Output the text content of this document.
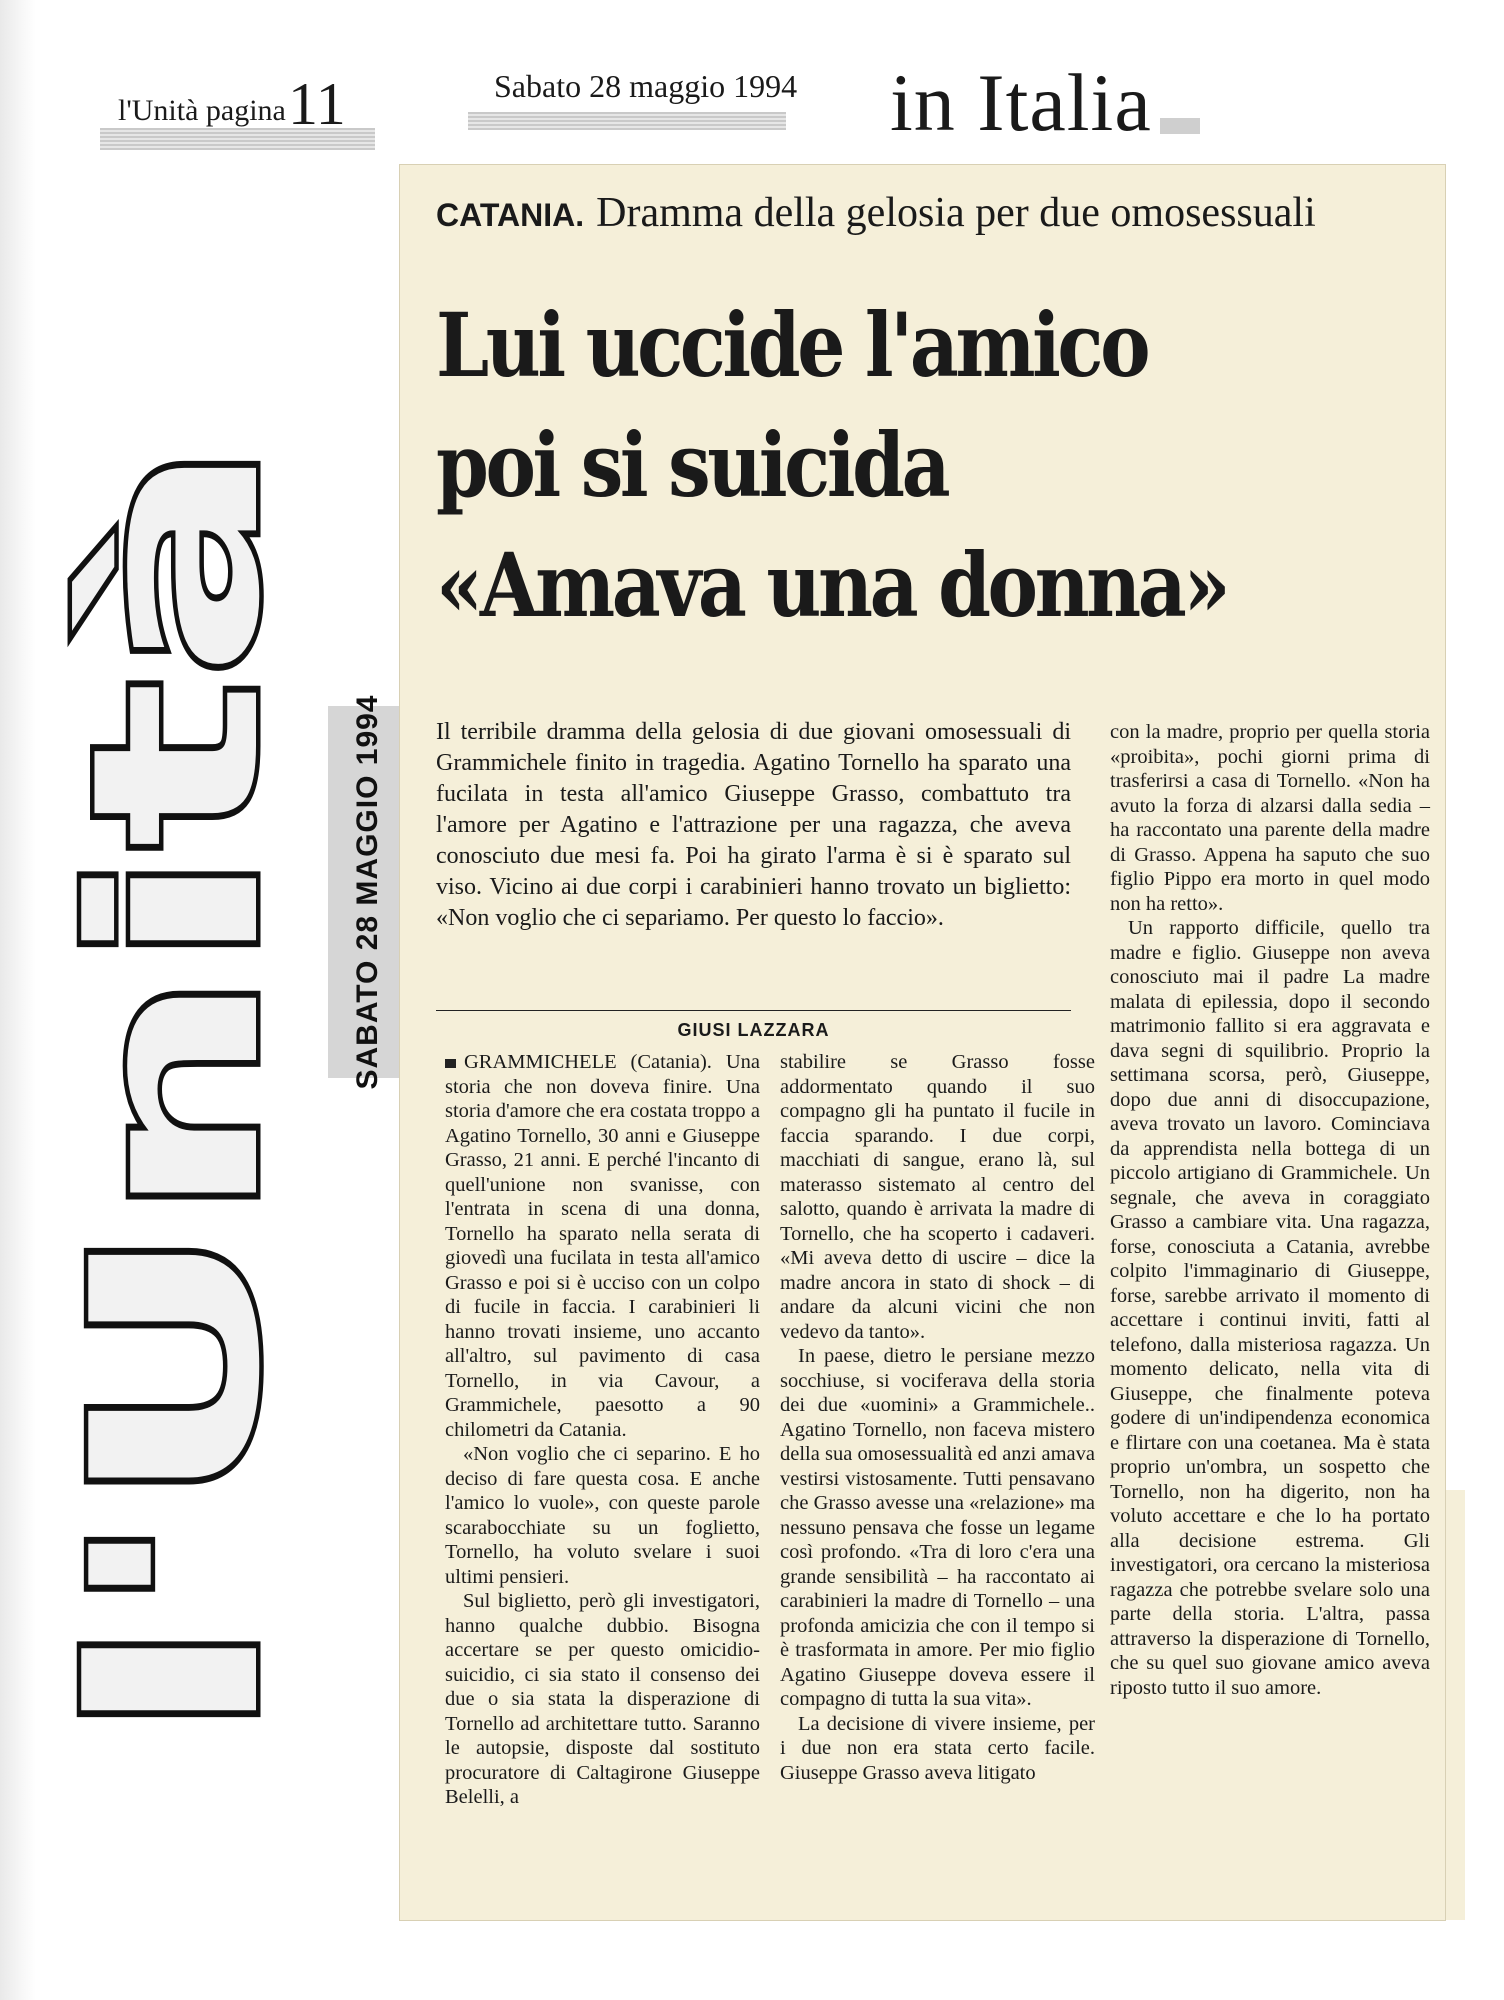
l'Unità pagina 11	Sabato 28 maggio 1994 in Italia
l'Unità
SABATO 28 MAGGIO 1994
CATANIA. Dramma della gelosia per due omosessuali
Lui uccide l'amico
poi si suicida
«Amava una donna»
Il terribile dramma della gelosia di due giovani omosessuali di Grammichele finito in tragedia. Agatino Tornello ha sparato una fucilata in testa all'amico Giuseppe Grasso, combattuto tra l'amore per Agatino e l'attrazione per una ragazza, che aveva conosciuto due mesi fa. Poi ha girato l'arma è si è sparato sul viso. Vicino ai due corpi i carabinieri hanno trovato un biglietto: «Non voglio che ci separiamo. Per questo lo faccio».
GIUSI LAZZARA

GRAMMICHELE (Catania). Una storia che non doveva finire. Una storia d'amore che era costata troppo a Agatino Tornello, 30 anni e Giuseppe Grasso, 21 anni. E perché l'incanto di quell'unione non svanisse, con l'entrata in scena di una donna, Tornello ha sparato nella serata di giovedì una fucilata in testa all'amico Grasso e poi si è ucciso con un colpo di fucile in faccia. I carabinieri li hanno trovati insieme, uno accanto all'altro, sul pavimento di casa Tornello, in via Cavour, a Grammichele, paesotto a 90 chilometri da Catania.

«Non voglio che ci separino. E ho deciso di fare questa cosa. E anche l'amico lo vuole», con queste parole scarabocchiate su un foglietto, Tornello, ha voluto svelare i suoi ultimi pensieri.

Sul biglietto, però gli investigatori, hanno qualche dubbio. Bisogna accertare se per questo omicidio-suicidio, ci sia stato il consenso dei due o sia stata la disperazione di Tornello ad architettare tutto. Saranno le autopsie, disposte dal sostituto procuratore di Caltagirone Giuseppe Belelli, a

stabilire se Grasso fosse addormentato quando il suo compagno gli ha puntato il fucile in faccia sparando. I due corpi, macchiati di sangue, erano là, sul materasso sistemato al centro del salotto, quando è arrivata la madre di Tornello, che ha scoperto i cadaveri. «Mi aveva detto di uscire – dice la madre ancora in stato di shock – di andare da alcuni vicini che non vedevo da tanto».

In paese, dietro le persiane mezzo socchiuse, si vociferava della storia dei due «uomini» a Grammichele.. Agatino Tornello, non faceva mistero della sua omosessualità ed anzi amava vestirsi vistosamente. Tutti pensavano che Grasso avesse una «relazione» ma nessuno pensava che fosse un legame così profondo. «Tra di loro c'era una grande sensibilità – ha raccontato ai carabinieri la madre di Tornello – una profonda amicizia che con il tempo si è trasformata in amore. Per mio figlio Agatino Giuseppe doveva essere il compagno di tutta la sua vita».

La decisione di vivere insieme, per i due non era stata certo facile. Giuseppe Grasso aveva litigato

con la madre, proprio per quella storia «proibita», pochi giorni prima di trasferirsi a casa di Tornello. «Non ha avuto la forza di alzarsi dalla sedia – ha raccontato una parente della madre di Grasso. Appena ha saputo che suo figlio Pippo era morto in quel modo non ha retto».

Un rapporto difficile, quello tra madre e figlio. Giuseppe non aveva conosciuto mai il padre La madre malata di epilessia, dopo il secondo matrimonio fallito si era aggravata e dava segni di squilibrio. Proprio la settimana scorsa, però, Giuseppe, dopo due anni di disoccupazione, aveva trovato un lavoro. Cominciava da apprendista nella bottega di un piccolo artigiano di Grammichele. Un segnale, che aveva in coraggiato Grasso a cambiare vita. Una ragazza, forse, conosciuta a Catania, avrebbe colpito l'immaginario di Giuseppe, forse, sarebbe arrivato il momento di accettare i continui inviti, fatti al telefono, dalla misteriosa ragazza. Un momento delicato, nella vita di Giuseppe, che finalmente poteva godere di un'indipendenza economica e flirtare con una coetanea. Ma è stata proprio un'ombra, un sospetto che Tornello, non ha digerito, non ha voluto accettare e che lo ha portato alla decisione estrema. Gli investigatori, ora cercano la misteriosa ragazza che potrebbe svelare solo una parte della storia. L'altra, passa attraverso la disperazione di Tornello, che su quel suo giovane amico aveva riposto tutto il suo amore.
